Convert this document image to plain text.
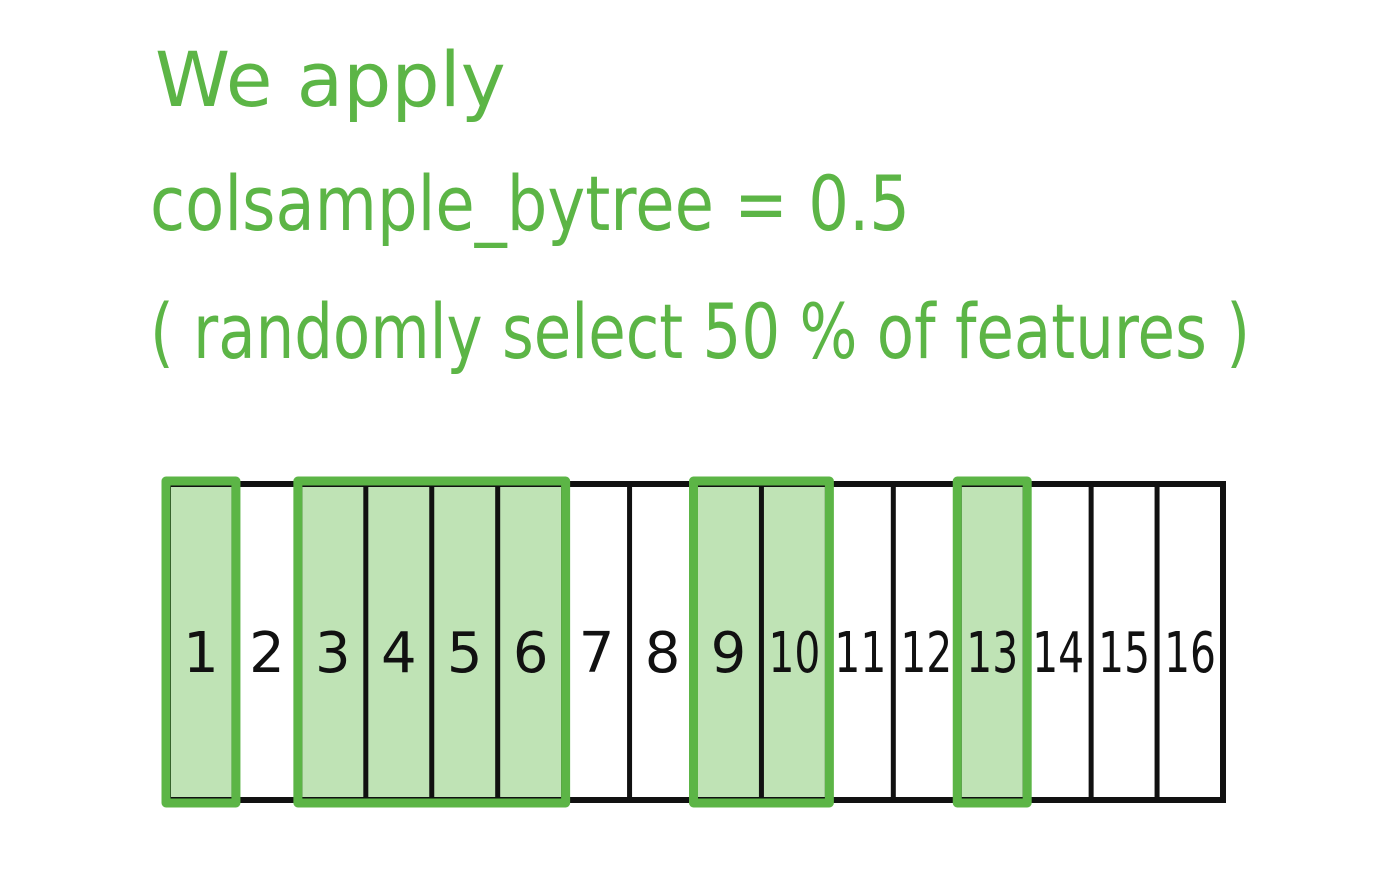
We apply
colsample_bytree = 0.5
( randomly select 50 % of features )
1 2 3 4 5 6 7 8 9 10 11 12 13 14 15 16
